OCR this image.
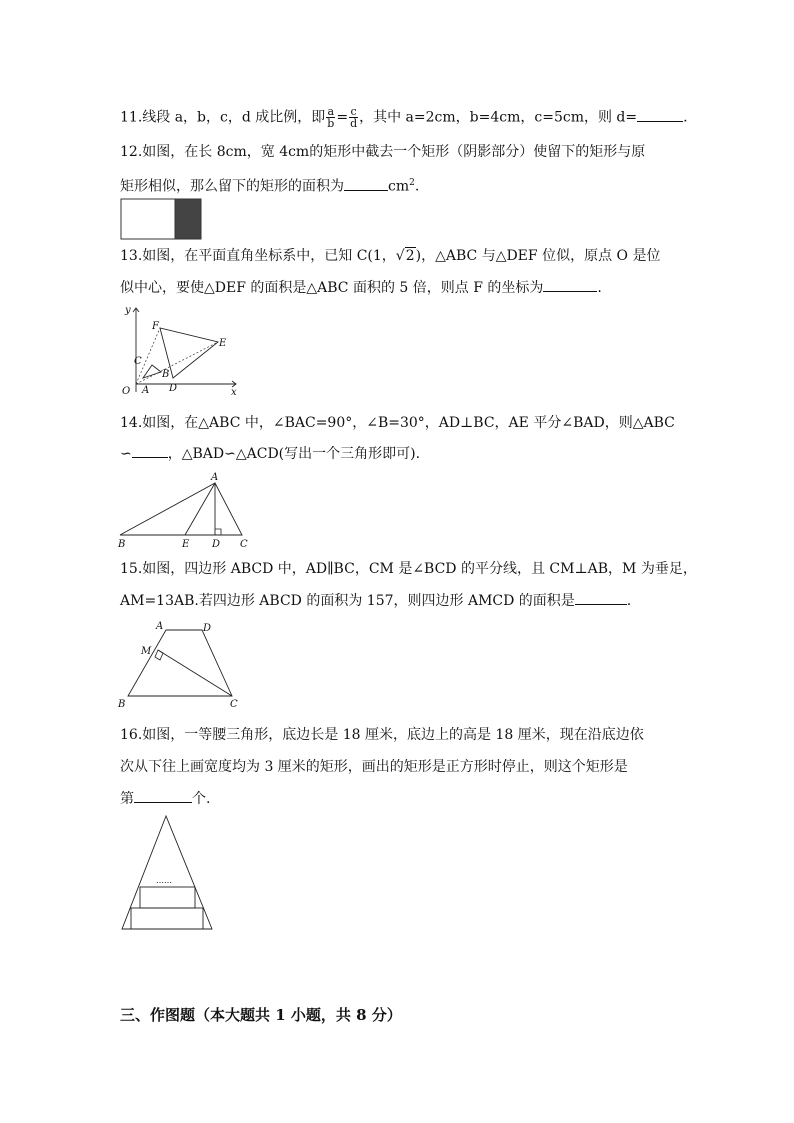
11.线段 a，b，c，d 成比例，即 $\frac{a}{b} = \frac{c}{d}$ ，其中 a=2cm，b=4cm，c=5cm，则 d=	.
12.如图，在长 8cm，宽 4cm的矩形中截去一个矩形（阴影部分）使留下的矩形与原
矩形相似，那么留下的矩形的面积为	$cm^2$.
13.如图，在平面直角坐标系中，已知 C(1，√2)，△ABC 与△DEF 位似，原点 O 是位
似中心，要使△DEF 的面积是△ABC 面积的 5 倍，则点 F 的坐标为	.
y
x
O A
B
C
D
E
F
14.如图，在△ABC 中，∠BAC=90°，∠B=30°，AD⊥BC，AE 平分∠BAD，则△ABC
∽	，△BAD∽△ACD(写出一个三角形即可).
A
B	E D C
15.如图，四边形 ABCD 中，AD∥BC，CM 是∠BCD 的平分线，且 CM⊥AB，M 为垂足，
AM=13AB.若四边形 ABCD 的面积为 157，则四边形 AMCD 的面积是	.
A	D
M
B	C
16.如图，一等腰三角形，底边长是 18 厘米，底边上的高是 18 厘米，现在沿底边依
次从下往上画宽度均为 3 厘米的矩形，画出的矩形是正方形时停止，则这个矩形是
第	个.
……
三、作图题（本大题共 1 小题，共 8 分）
